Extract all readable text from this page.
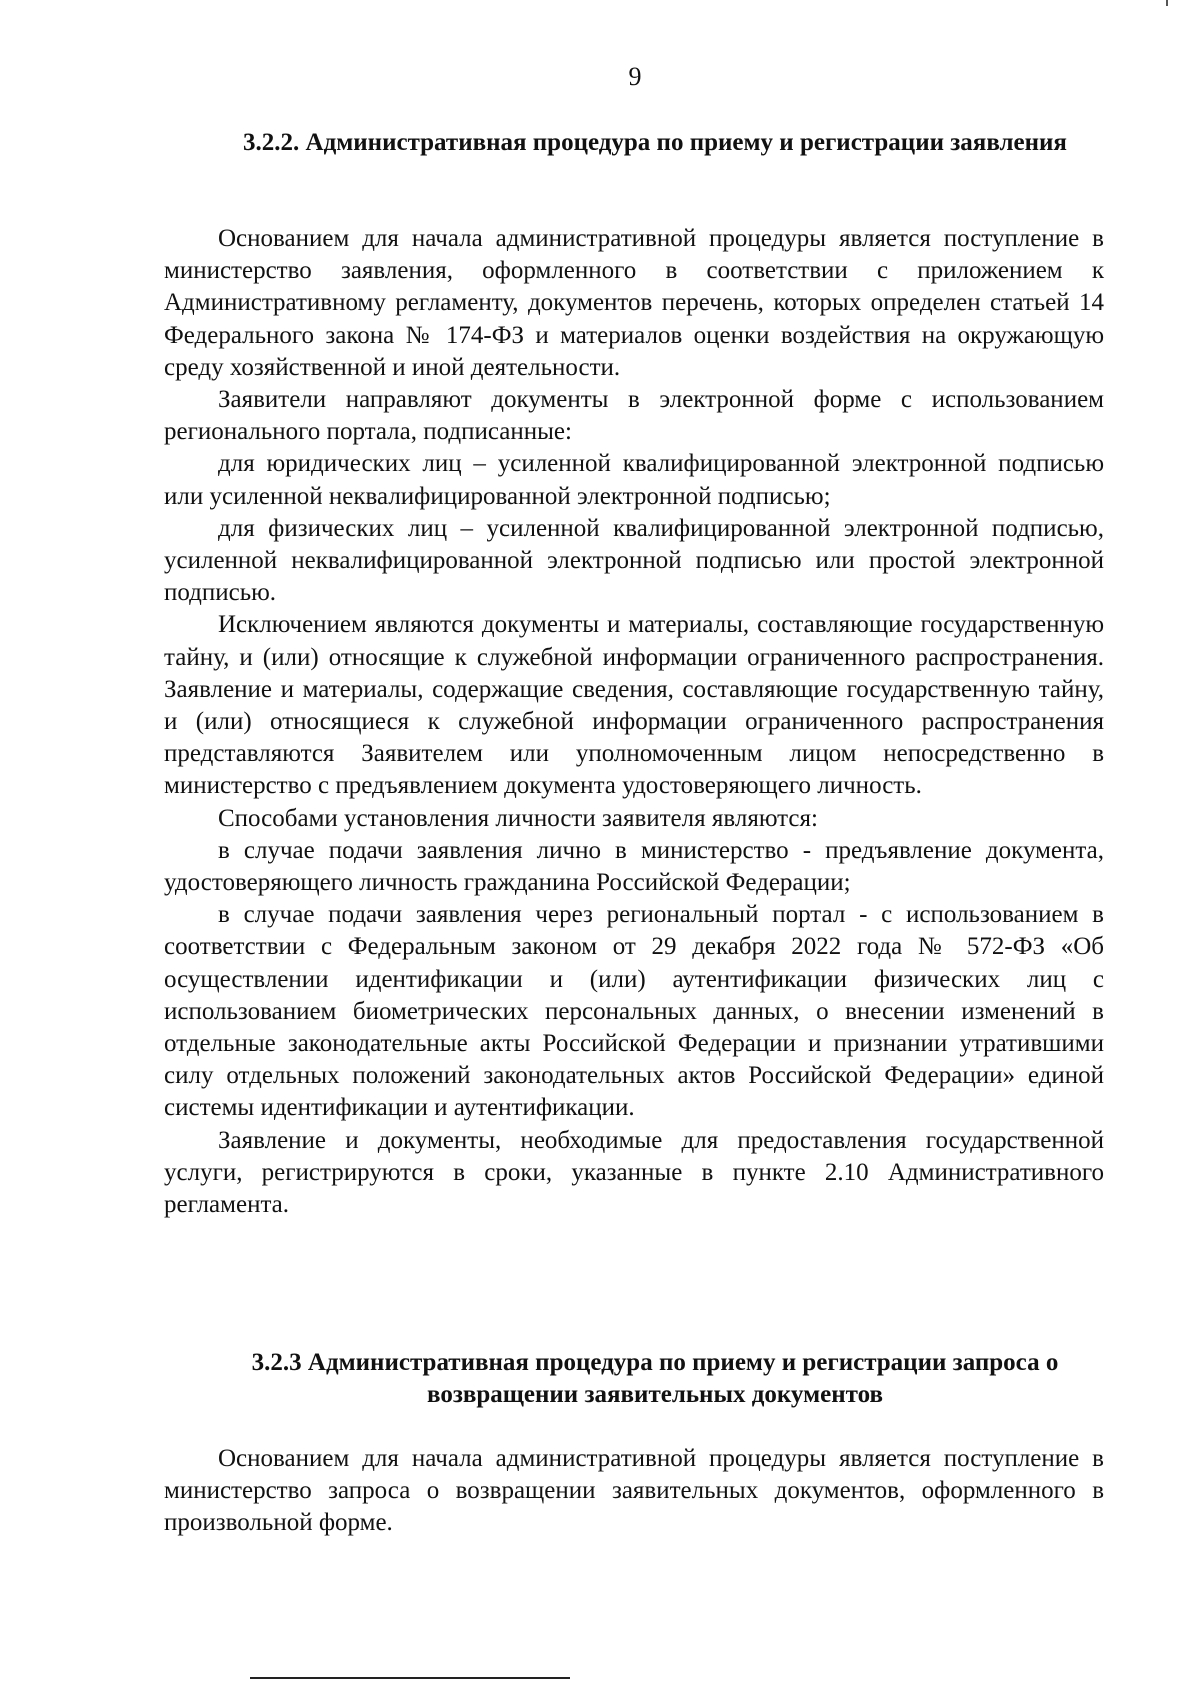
9
3.2.2. Административная процедура по приему и регистрации заявления

Основанием для начала административной процедуры является поступление в министерство заявления, оформленного в соответствии с приложением к Административному регламенту, документов перечень, которых определен статьей 14 Федерального закона № 174-ФЗ и материалов оценки воздействия на окружающую среду хозяйственной и иной деятельности.

Заявители направляют документы в электронной форме с использованием регионального портала, подписанные:

для юридических лиц – усиленной квалифицированной электронной подписью или усиленной неквалифицированной электронной подписью;

для физических лиц – усиленной квалифицированной электронной подписью, усиленной неквалифицированной электронной подписью или простой электронной подписью.

Исключением являются документы и материалы, составляющие государственную тайну, и (или) относящие к служебной информации ограниченного распространения. Заявление и материалы, содержащие сведения, составляющие государственную тайну, и (или) относящиеся к служебной информации ограниченного распространения представляются Заявителем или уполномоченным лицом непосредственно в министерство с предъявлением документа удостоверяющего личность.

Способами установления личности заявителя являются:

в случае подачи заявления лично в министерство - предъявление документа, удостоверяющего личность гражданина Российской Федерации;

в случае подачи заявления через региональный портал - с использованием в соответствии с Федеральным законом от 29 декабря 2022 года № 572-ФЗ «Об осуществлении идентификации и (или) аутентификации физических лиц с использованием биометрических персональных данных, о внесении изменений в отдельные законодательные акты Российской Федерации и признании утратившими силу отдельных положений законодательных актов Российской Федерации» единой системы идентификации и аутентификации.

Заявление и документы, необходимые для предоставления государственной услуги, регистрируются в сроки, указанные в пункте 2.10 Административного регламента.

3.2.3 Административная процедура по приему и регистрации запроса о возвращении заявительных документов

Основанием для начала административной процедуры является поступление в министерство запроса о возвращении заявительных документов, оформленного в произвольной форме.
